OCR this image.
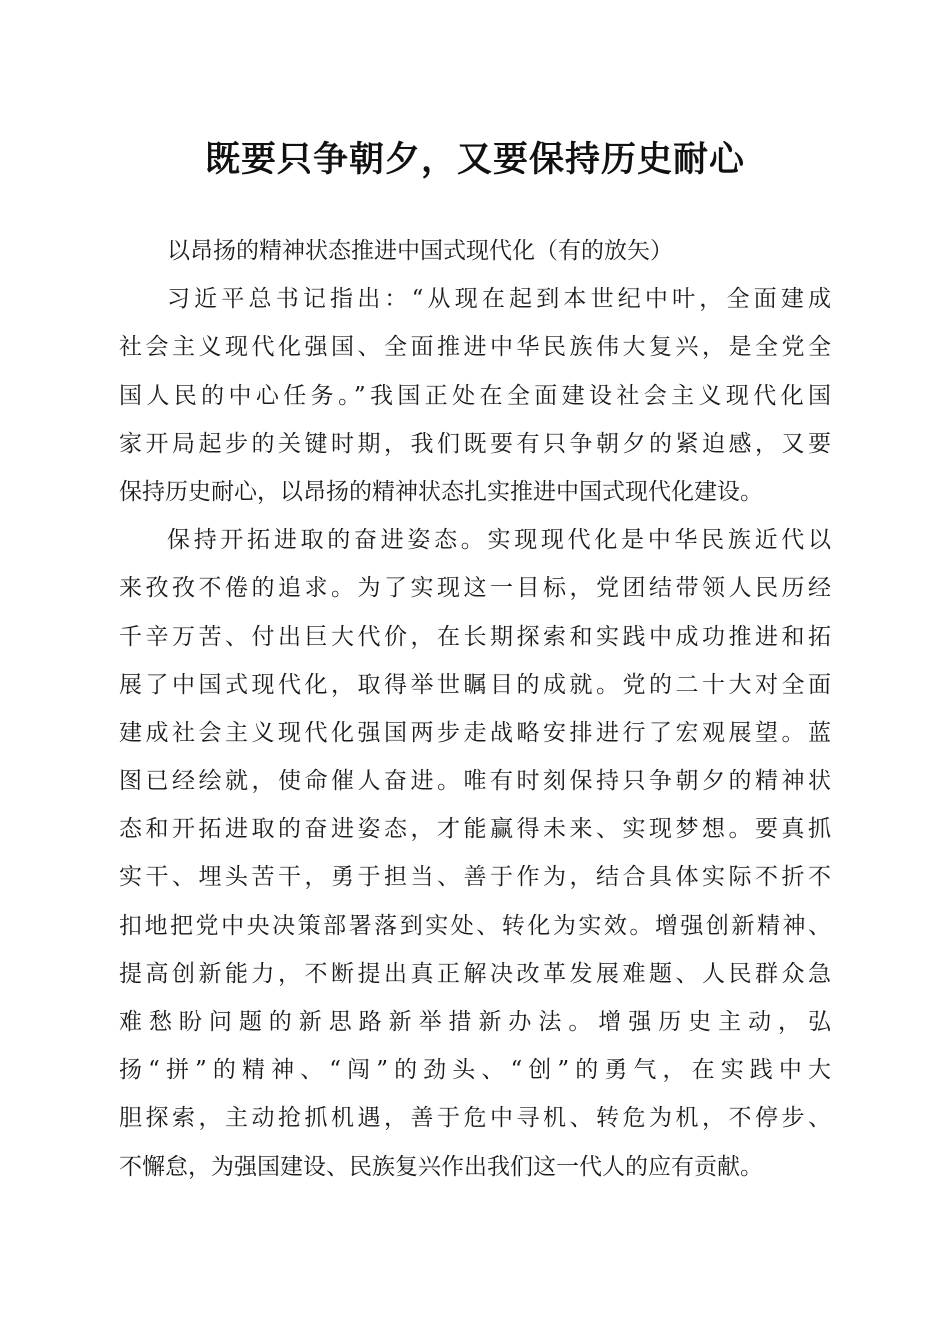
既要只争朝夕，又要保持历史耐心
以昂扬的精神状态推进中国式现代化（有的放矢）
习近平总书记指出：“从现在起到本世纪中叶，全面建成
社会主义现代化强国、全面推进中华民族伟大复兴，是全党全
国人民的中心任务。”我国正处在全面建设社会主义现代化国
家开局起步的关键时期，我们既要有只争朝夕的紧迫感，又要
保持历史耐心，以昂扬的精神状态扎实推进中国式现代化建设。
保持开拓进取的奋进姿态。实现现代化是中华民族近代以
来孜孜不倦的追求。为了实现这一目标，党团结带领人民历经
千辛万苦、付出巨大代价，在长期探索和实践中成功推进和拓
展了中国式现代化，取得举世瞩目的成就。党的二十大对全面
建成社会主义现代化强国两步走战略安排进行了宏观展望。蓝
图已经绘就，使命催人奋进。唯有时刻保持只争朝夕的精神状
态和开拓进取的奋进姿态，才能赢得未来、实现梦想。要真抓
实干、埋头苦干，勇于担当、善于作为，结合具体实际不折不
扣地把党中央决策部署落到实处、转化为实效。增强创新精神、
提高创新能力，不断提出真正解决改革发展难题、人民群众急
难愁盼问题的新思路新举措新办法。增强历史主动，弘
扬“拼”的精神、“闯”的劲头、“创”的勇气，在实践中大
胆探索，主动抢抓机遇，善于危中寻机、转危为机，不停步、
不懈怠，为强国建设、民族复兴作出我们这一代人的应有贡献。
